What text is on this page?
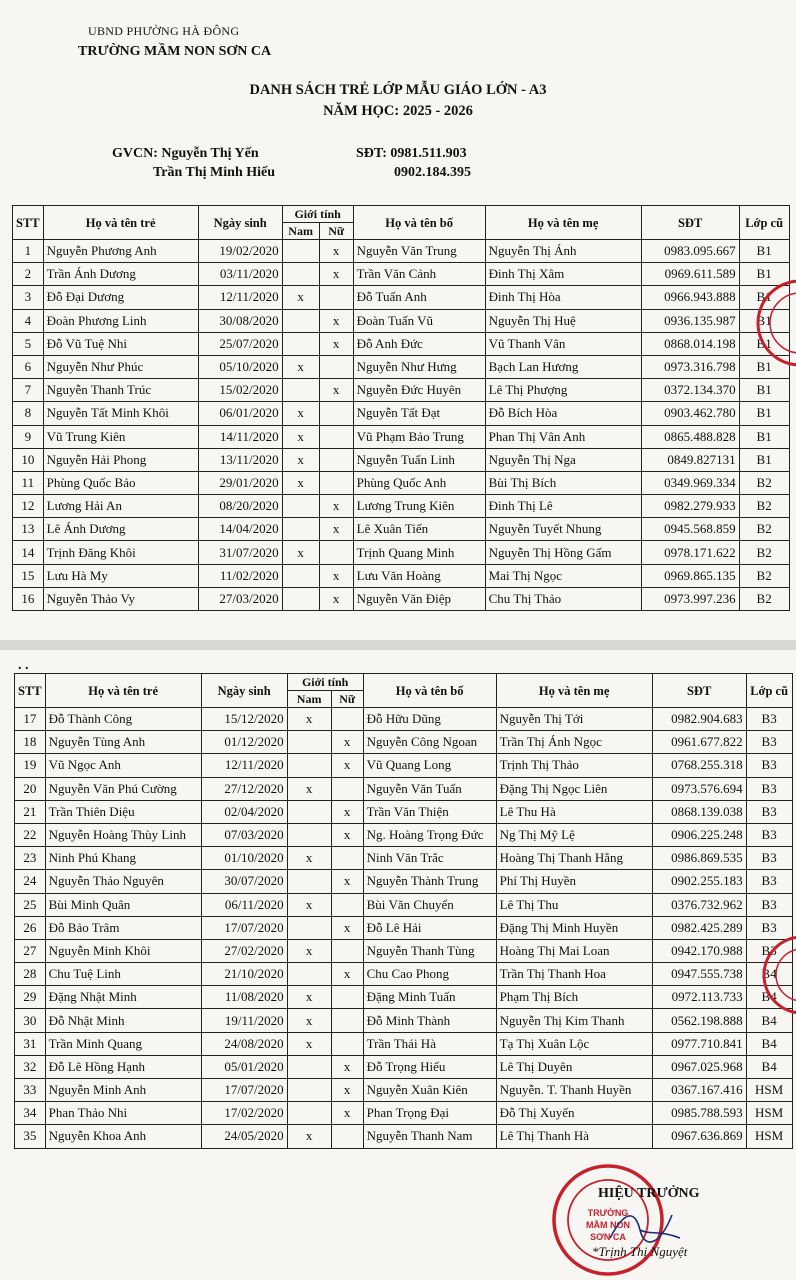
UBND PHƯỜNG HÀ ĐÔNG
TRƯỜNG MẦM NON SƠN CA
DANH SÁCH TRẺ LỚP MẪU GIÁO LỚN - A3
NĂM HỌC: 2025 - 2026
GVCN: Nguyễn Thị Yến
Trần Thị Minh Hiếu
SĐT: 0981.511.903
0902.184.395
STT	Họ và tên trẻ	Ngày sinh	Giới tính		Họ và tên bố	Họ và tên mẹ	SĐT	Lớp cũ
			Nam	Nữ				
1	Nguyễn Phương Anh	19/02/2020		x	Nguyễn Văn Trung	Nguyễn Thị Ánh	0983.095.667	B1
2	Trần Ánh Dương	03/11/2020		x	Trần Văn Cảnh	Đinh Thị Xâm	0969.611.589	B1
3	Đỗ Đại Dương	12/11/2020	x		Đỗ Tuấn Anh	Đinh Thị Hòa	0966.943.888	B1
4	Đoàn Phương Linh	30/08/2020		x	Đoàn Tuấn Vũ	Nguyễn Thị Huệ	0936.135.987	B1
5	Đỗ Vũ Tuệ Nhi	25/07/2020		x	Đỗ Anh Đức	Vũ Thanh Vân	0868.014.198	B1
6	Nguyễn Như Phúc	05/10/2020	x		Nguyễn Như Hưng	Bạch Lan Hương	0973.316.798	B1
7	Nguyễn Thanh Trúc	15/02/2020		x	Nguyễn Đức Huyên	Lê Thị Phượng	0372.134.370	B1
8	Nguyễn Tất Minh Khôi	06/01/2020	x		Nguyễn Tất Đạt	Đỗ Bích Hòa	0903.462.780	B1
9	Vũ Trung Kiên	14/11/2020	x		Vũ Phạm Bảo Trung	Phan Thị Vân Anh	0865.488.828	B1
10	Nguyễn Hải Phong	13/11/2020	x		Nguyễn Tuấn Linh	Nguyễn Thị Nga	0849.827131	B1
11	Phùng Quốc Bảo	29/01/2020	x		Phùng Quốc Anh	Bùi Thị Bích	0349.969.334	B2
12	Lương Hải An	08/20/2020		x	Lương Trung Kiên	Đinh Thị Lê	0982.279.933	B2
13	Lê Ánh Dương	14/04/2020		x	Lê Xuân Tiến	Nguyễn Tuyết Nhung	0945.568.859	B2
14	Trịnh Đăng Khôi	31/07/2020	x		Trịnh Quang Minh	Nguyễn Thị Hồng Gấm	0978.171.622	B2
15	Lưu Hà My	11/02/2020		x	Lưu Văn Hoàng	Mai Thị Ngọc	0969.865.135	B2
16	Nguyễn Thảo Vy	27/03/2020		x	Nguyễn Văn Điệp	Chu Thị Thảo	0973.997.236	B2
. .
STT	Họ và tên trẻ	Ngày sinh	Giới tính		Họ và tên bố	Họ và tên mẹ	SĐT	Lớp cũ
			Nam	Nữ				
17	Đỗ Thành Công	15/12/2020	x		Đỗ Hữu Dũng	Nguyễn Thị Tới	0982.904.683	B3
18	Nguyễn Tùng Anh	01/12/2020		x	Nguyễn Công Ngoan	Trần Thị Ánh Ngọc	0961.677.822	B3
19	Vũ Ngọc Anh	12/11/2020		x	Vũ Quang Long	Trịnh Thị Thảo	0768.255.318	B3
20	Nguyễn Văn Phú Cường	27/12/2020	x		Nguyễn Văn Tuấn	Đặng Thị Ngọc Liên	0973.576.694	B3
21	Trần Thiên Diệu	02/04/2020		x	Trần Văn Thiện	Lê Thu Hà	0868.139.038	B3
22	Nguyễn Hoàng Thùy Linh	07/03/2020		x	Ng. Hoàng Trọng Đức	Ng Thị Mỹ Lệ	0906.225.248	B3
23	Ninh Phú Khang	01/10/2020	x		Ninh Văn Trắc	Hoàng Thị Thanh Hằng	0986.869.535	B3
24	Nguyễn Thảo Nguyên	30/07/2020		x	Nguyễn Thành Trung	Phí Thị Huyền	0902.255.183	B3
25	Bùi Minh Quân	06/11/2020	x		Bùi Văn Chuyển	Lê Thị Thu	0376.732.962	B3
26	Đỗ Bảo Trâm	17/07/2020		x	Đỗ Lê Hải	Đặng Thị Minh Huyền	0982.425.289	B3
27	Nguyễn Minh Khôi	27/02/2020	x		Nguyễn Thanh Tùng	Hoàng Thị Mai Loan	0942.170.988	B3
28	Chu Tuệ Linh	21/10/2020		x	Chu Cao Phong	Trần Thị Thanh Hoa	0947.555.738	B4
29	Đặng Nhật Minh	11/08/2020	x		Đặng Minh Tuấn	Phạm Thị Bích	0972.113.733	B4
30	Đỗ Nhật Minh	19/11/2020	x		Đỗ Minh Thành	Nguyễn Thị Kim Thanh	0562.198.888	B4
31	Trần Minh Quang	24/08/2020	x		Trần Thái Hà	Tạ Thị Xuân Lộc	0977.710.841	B4
32	Đỗ Lê Hồng Hạnh	05/01/2020		x	Đỗ Trọng Hiếu	Lê Thị Duyên	0967.025.968	B4
33	Nguyễn Minh Anh	17/07/2020		x	Nguyễn Xuân Kiên	Nguyễn. T. Thanh Huyền	0367.167.416	HSM
34	Phan Thảo Nhi	17/02/2020		x	Phan Trọng Đại	Đỗ Thị Xuyến	0985.788.593	HSM
35	Nguyễn Khoa Anh	24/05/2020	x		Nguyễn Thanh Nam	Lê Thị Thanh Hà	0967.636.869	HSM
TRƯỜNG
MẦM NON
SƠN CA
HIỆU TRƯỞNG
*Trịnh Thị Nguyệt
